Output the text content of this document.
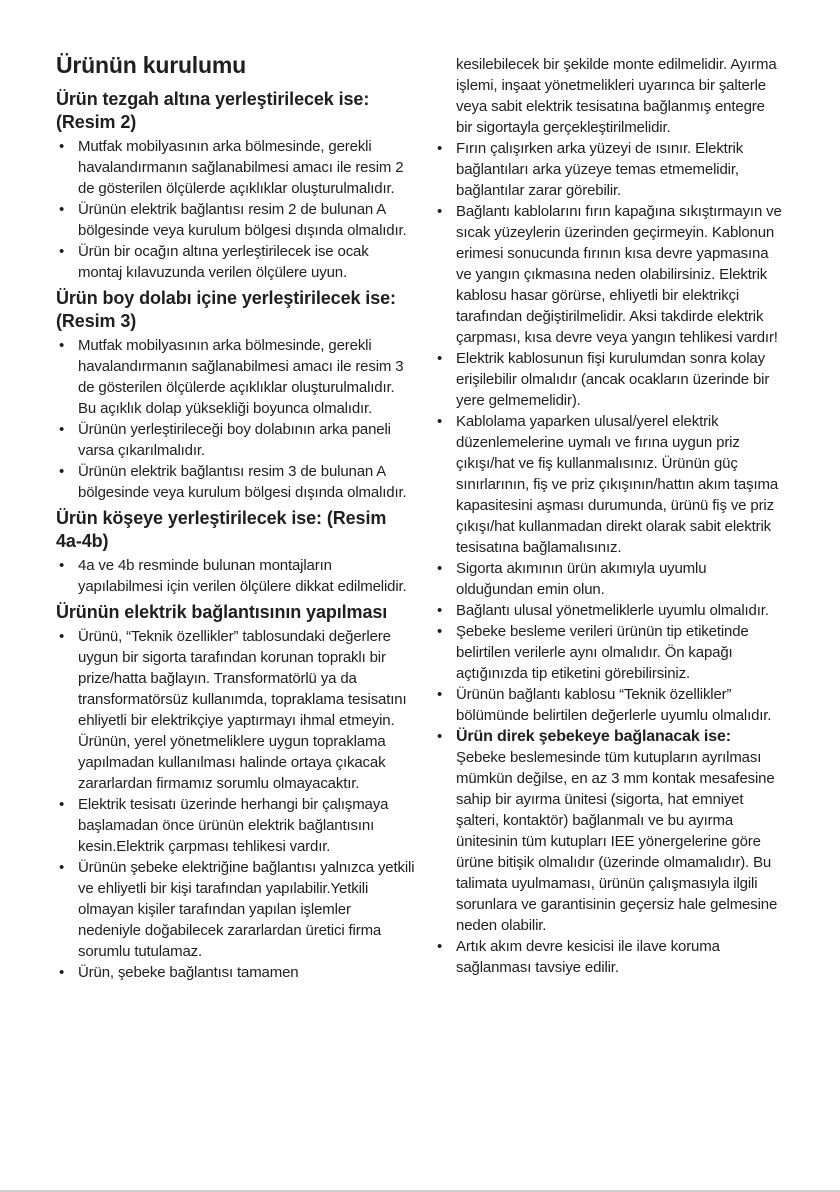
Ürünün kurulumu
Ürün tezgah altına yerleştirilecek ise: (Resim 2)
• Mutfak mobilyasının arka bölmesinde, gerekli havalandırmanın sağlanabilmesi amacı ile resim 2 de gösterilen ölçülerde açıklıklar oluşturulmalıdır.
• Ürünün elektrik bağlantısı resim 2 de bulunan A bölgesinde veya kurulum bölgesi dışında olmalıdır.
• Ürün bir ocağın altına yerleştirilecek ise ocak montaj kılavuzunda verilen ölçülere uyun.
Ürün boy dolabı içine yerleştirilecek ise: (Resim 3)
• Mutfak mobilyasının arka bölmesinde, gerekli havalandırmanın sağlanabilmesi amacı ile resim 3 de gösterilen ölçülerde açıklıklar oluşturulmalıdır. Bu açıklık dolap yüksekliği boyunca olmalıdır.
• Ürünün yerleştirileceği boy dolabının arka paneli varsa çıkarılmalıdır.
• Ürünün elektrik bağlantısı resim 3 de bulunan A bölgesinde veya kurulum bölgesi dışında olmalıdır.
Ürün köşeye yerleştirilecek ise: (Resim 4a-4b)
• 4a ve 4b resminde bulunan montajların yapılabilmesi için verilen ölçülere dikkat edilmelidir.
Ürünün elektrik bağlantısının yapılması
• Ürünü, “Teknik özellikler” tablosundaki değerlere uygun bir sigorta tarafından korunan topraklı bir prize/hatta bağlayın. Transformatörlü ya da transformatörsüz kullanımda, topraklama tesisatını ehliyetli bir elektrikçiye yaptırmayı ihmal etmeyin. Ürünün, yerel yönetmeliklere uygun topraklama yapılmadan kullanılması halinde ortaya çıkacak zararlardan firmamız sorumlu olmayacaktır.
• Elektrik tesisatı üzerinde herhangi bir çalışmaya başlamadan önce ürünün elektrik bağlantısını kesin.Elektrik çarpması tehlikesi vardır.
• Ürünün şebeke elektriğine bağlantısı yalnızca yetkili ve ehliyetli bir kişi tarafından yapılabilir.Yetkili olmayan kişiler tarafından yapılan işlemler nedeniyle doğabilecek zararlardan üretici firma sorumlu tutulamaz.
• Ürün, şebeke bağlantısı tamamen
kesilebilecek bir şekilde monte edilmelidir. Ayırma işlemi, inşaat yönetmelikleri uyarınca bir şalterle veya sabit elektrik tesisatına bağlanmış entegre bir sigortayla gerçekleştirilmelidir.
• Fırın çalışırken arka yüzeyi de ısınır. Elektrik bağlantıları arka yüzeye temas etmemelidir, bağlantılar zarar görebilir.
• Bağlantı kablolarını fırın kapağına sıkıştırmayın ve sıcak yüzeylerin üzerinden geçirmeyin. Kablonun erimesi sonucunda fırının kısa devre yapmasına ve yangın çıkmasına neden olabilirsiniz. Elektrik kablosu hasar görürse, ehliyetli bir elektrikçi tarafından değiştirilmelidir. Aksi takdirde elektrik çarpması, kısa devre veya yangın tehlikesi vardır!
• Elektrik kablosunun fişi kurulumdan sonra kolay erişilebilir olmalıdır (ancak ocakların üzerinde bir yere gelmemelidir).
• Kablolama yaparken ulusal/yerel elektrik düzenlemelerine uymalı ve fırına uygun priz çıkışı/hat ve fiş kullanmalısınız. Ürünün güç sınırlarının, fiş ve priz çıkışının/hattın akım taşıma kapasitesini aşması durumunda, ürünü fiş ve priz çıkışı/hat kullanmadan direkt olarak sabit elektrik tesisatına bağlamalısınız.
• Sigorta akımının ürün akımıyla uyumlu olduğundan emin olun.
• Bağlantı ulusal yönetmeliklerle uyumlu olmalıdır.
• Şebeke besleme verileri ürünün tip etiketinde belirtilen verilerle aynı olmalıdır. Ön kapağı açtığınızda tip etiketini görebilirsiniz.
• Ürünün bağlantı kablosu “Teknik özellikler” bölümünde belirtilen değerlerle uyumlu olmalıdır.
• Ürün direk şebekeye bağlanacak ise:
Şebeke beslemesinde tüm kutupların ayrılması mümkün değilse, en az 3 mm kontak mesafesine sahip bir ayırma ünitesi (sigorta, hat emniyet şalteri, kontaktör) bağlanmalı ve bu ayırma ünitesinin tüm kutupları IEE yönergelerine göre ürüne bitişik olmalıdır (üzerinde olmamalıdır). Bu talimata uyulmaması, ürünün çalışmasıyla ilgili sorunlara ve garantisinin geçersiz hale gelmesine neden olabilir.
• Artık akım devre kesicisi ile ilave koruma sağlanması tavsiye edilir.
